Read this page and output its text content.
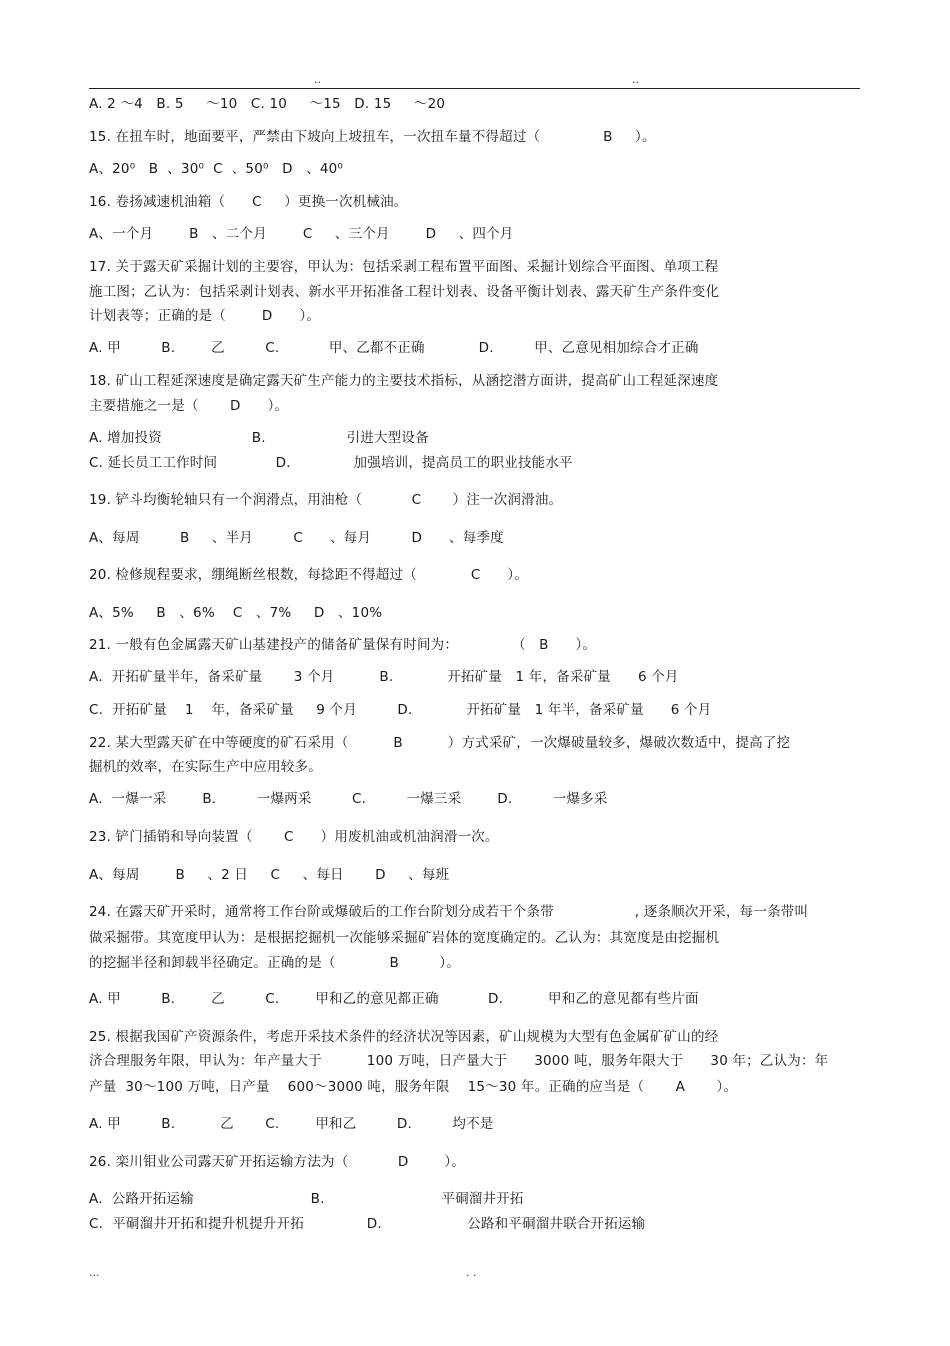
..	..
A. 2 ～4   B. 5     ～10   C. 10     ～15   D. 15     ～20
15. 在扭车时，地面要平，严禁由下坡向上坡扭车，一次扭车量不得超过（              B     ）。
A、20⁰   B  、30⁰  C  、50⁰   D   、40⁰
16. 卷扬减速机油箱（      C     ）更换一次机械油。
A、一个月        B   、二个月        C     、三个月        D     、四个月
17. 关于露天矿采掘计划的主要容，甲认为：包括采剥工程布置平面图、采掘计划综合平面图、单项工程
施工图；乙认为：包括采剥计划表、新水平开拓准备工程计划表、设备平衡计划表、露天矿生产条件变化
计划表等；正确的是（        D      ）。
A. 甲         B.        乙         C.           甲、乙都不正确            D.         甲、乙意见相加综合才正确
18. 矿山工程延深速度是确定露天矿生产能力的主要技术指标，从涵挖潜方面讲，提高矿山工程延深速度
主要措施之一是（       D      ）。
A. 增加投资                    B.                  引进大型设备
C. 延长员工工作时间             D.              加强培训，提高员工的职业技能水平
19. 铲斗均衡轮轴只有一个润滑点，用油枪（           C       ）注一次润滑油。
A、每周         B     、半月         C      、每月         D      、每季度
20. 检修规程要求，绷绳断丝根数，每捻距不得超过（            C      ）。
A、5%     B   、6%    C   、7%     D   、10%
21. 一般有色金属露天矿山基建投产的储备矿量保有时间为：            （   B      ）。
A.  开拓矿量半年，备采矿量       3 个月          B.            开拓矿量   1 年，备采矿量      6 个月
C.  开拓矿量    1    年，备采矿量     9 个月         D.            开拓矿量   1 年半，备采矿量      6 个月
22. 某大型露天矿在中等硬度的矿石采用（          B          ）方式采矿，一次爆破量较多，爆破次数适中，提高了挖
掘机的效率，在实际生产中应用较多。
A.  一爆一采        B.         一爆两采         C.         一爆三采        D.         一爆多采
23. 铲门插销和导向装置（       C      ）用废机油或机油润滑一次。
A、每周        B     、2 日     C     、每日       D     、每班
24. 在露天矿开采时，通常将工作台阶或爆破后的工作台阶划分成若干个条带                  , 逐条顺次开采，每一条带叫
做采掘带。其宽度甲认为：是根据挖掘机一次能够采掘矿岩体的宽度确定的。乙认为：其宽度是由挖掘机
的挖掘半径和卸载半径确定。正确的是（            B         ）。
A. 甲         B.        乙         C.        甲和乙的意见都正确           D.          甲和乙的意见都有些片面
25. 根据我国矿产资源条件，考虑开采技术条件的经济状况等因素，矿山规模为大型有色金属矿矿山的经
济合理服务年限，甲认为：年产量大于          100 万吨，日产量大于      3000 吨，服务年限大于      30 年；乙认为：年
产量  30～100 万吨，日产量    600～3000 吨，服务年限    15～30 年。正确的应当是（       A       ）。
A. 甲         B.          乙       C.        甲和乙         D.         均不是
26. 栾川钼业公司露天矿开拓运输方法为（           D        ）。
A.  公路开拓运输                          B.                          平硐溜井开拓
C.  平硐溜井开拓和提升机提升开拓              D.                   公路和平硐溜井联合开拓运输
...	. .
